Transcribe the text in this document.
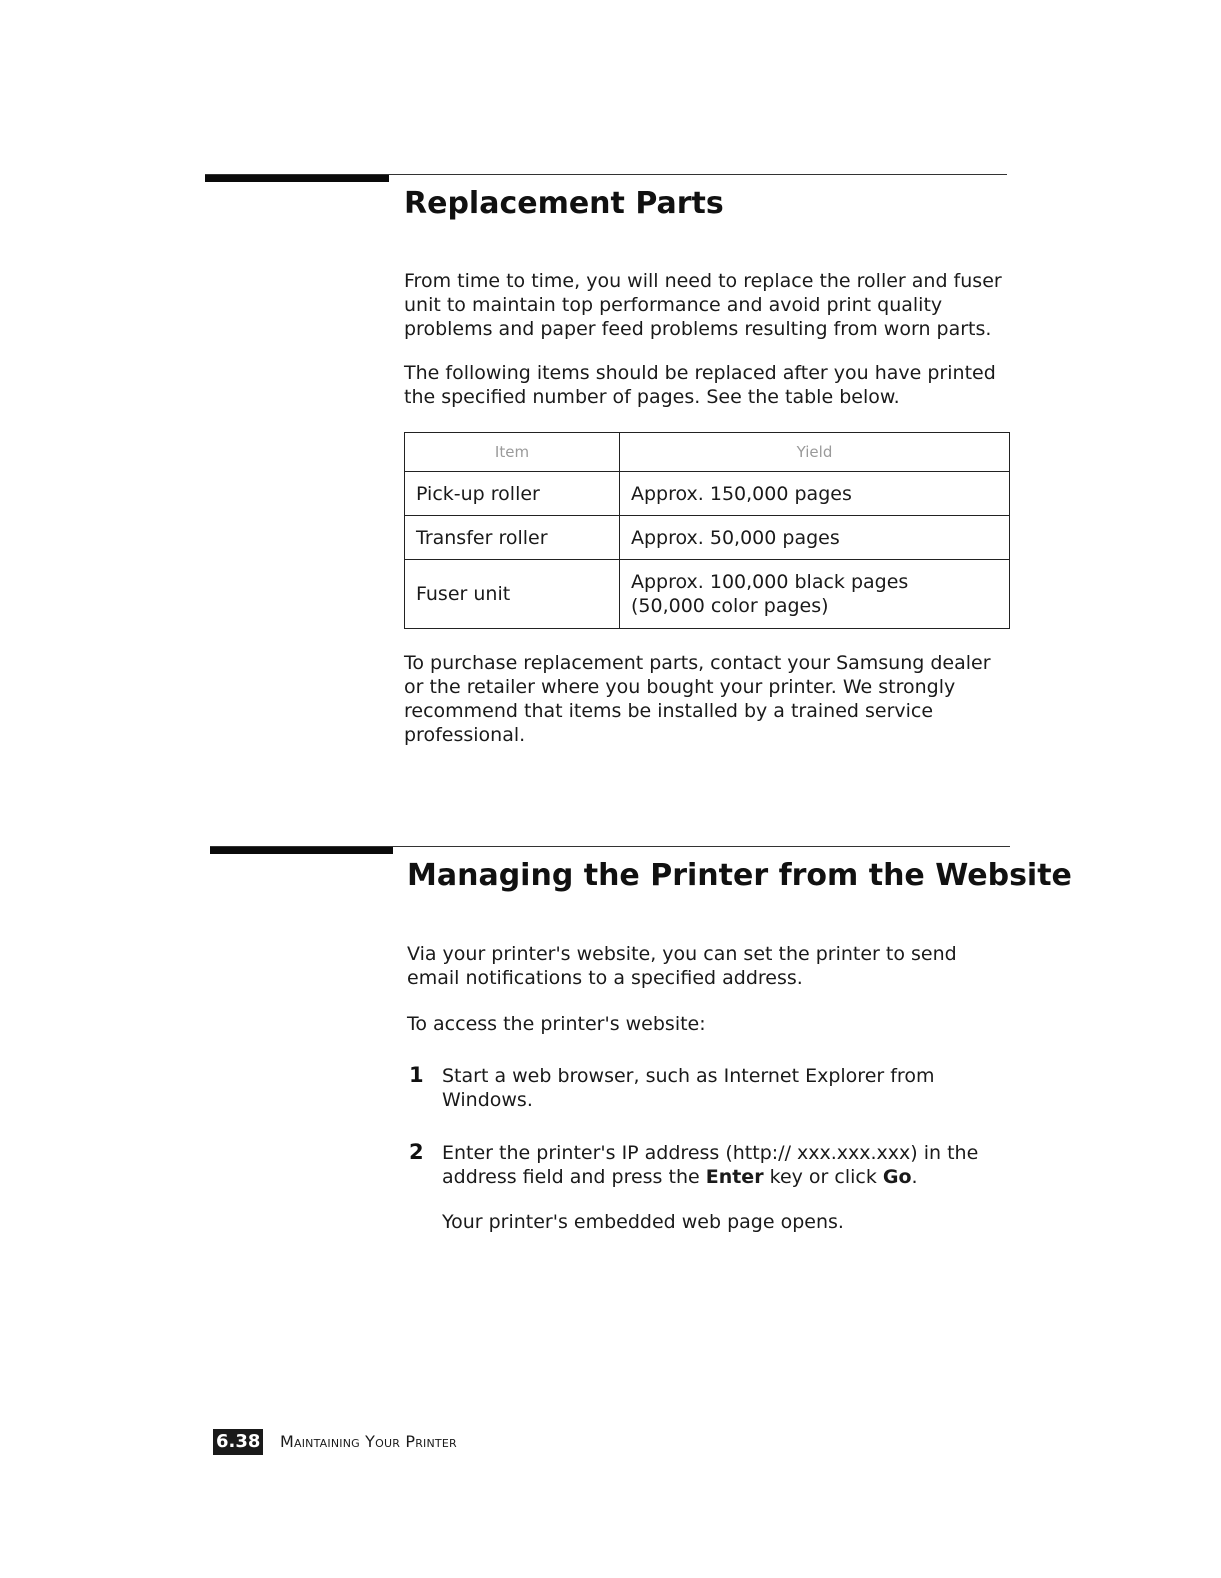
Replacement Parts

From time to time, you will need to replace the roller and fuser unit to maintain top performance and avoid print quality problems and paper feed problems resulting from worn parts.

The following items should be replaced after you have printed the specified number of pages. See the table below.

Item	Yield
Pick-up roller	Approx. 150,000 pages
Transfer roller	Approx. 50,000 pages
Fuser unit	Approx. 100,000 black pages
(50,000 color pages)

To purchase replacement parts, contact your Samsung dealer or the retailer where you bought your printer. We strongly recommend that items be installed by a trained service professional.

Managing the Printer from the Website

Via your printer's website, you can set the printer to send email notifications to a specified address.

To access the printer's website:

1 Start a web browser, such as Internet Explorer from Windows.

2 Enter the printer's IP address (http:// xxx.xxx.xxx) in the address field and press the Enter key or click Go.

Your printer's embedded web page opens.

6.38 Maintaining Your Printer
